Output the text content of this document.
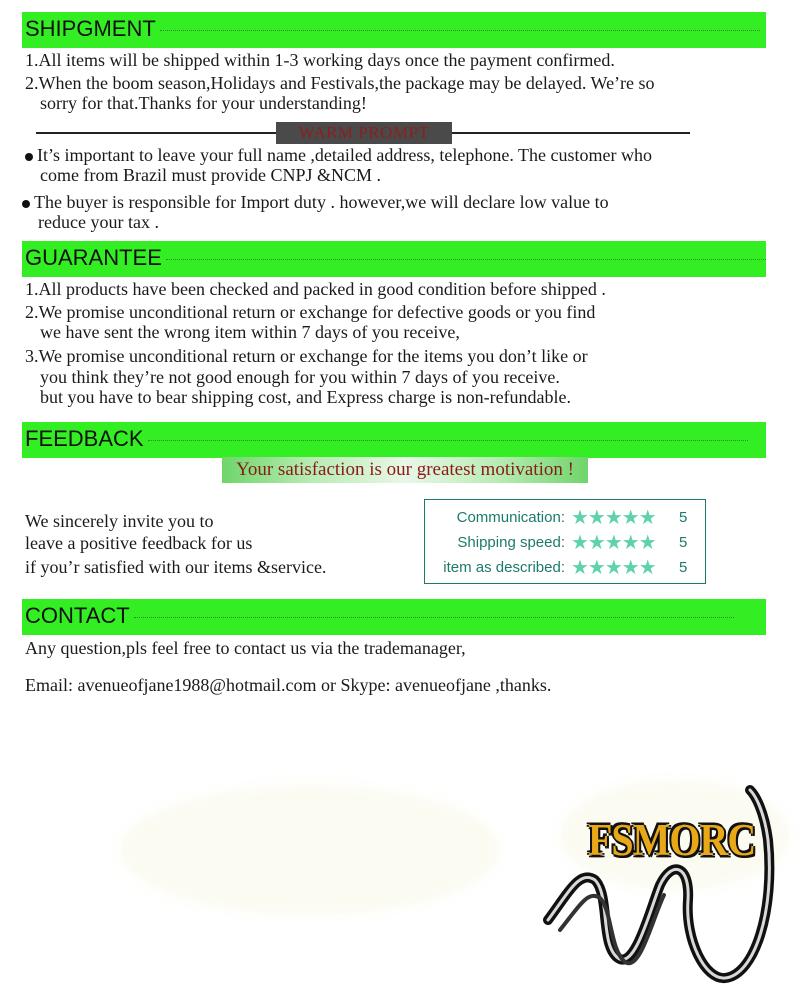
SHIPGMENT
1.All items will be shipped within 1-3 working days once the payment confirmed.
2.When the boom season,Holidays and Festivals,the package may be delayed. We’re so
sorry for that.Thanks for your understanding!
WARM PROMPT
It’s important to leave your full name ,detailed address, telephone. The customer who
come from Brazil must provide CNPJ &NCM .
The buyer is responsible for Import duty . however,we will declare low value to
reduce your tax .
GUARANTEE
1.All products have been checked and packed in good condition before shipped .
2.We promise unconditional return or exchange for defective goods or you find
we have sent the wrong item within 7 days of you receive,
3.We promise unconditional return or exchange for the items you don’t like or
you think they’re not good enough for you within 7 days of you receive.
but you have to bear shipping cost, and Express charge is non-refundable.
FEEDBACK
Your satisfaction is our greatest motivation !
We sincerely invite you to
leave a positive feedback for us
if you’r satisfied with our items &service.
Communication: ★★★★★ 5
Shipping speed: ★★★★★ 5
item as described: ★★★★★ 5
CONTACT
Any question,pls feel free to contact us via the trademanager,
Email: avenueofjane1988@hotmail.com or Skype: avenueofjane ,thanks.
FSMORC
